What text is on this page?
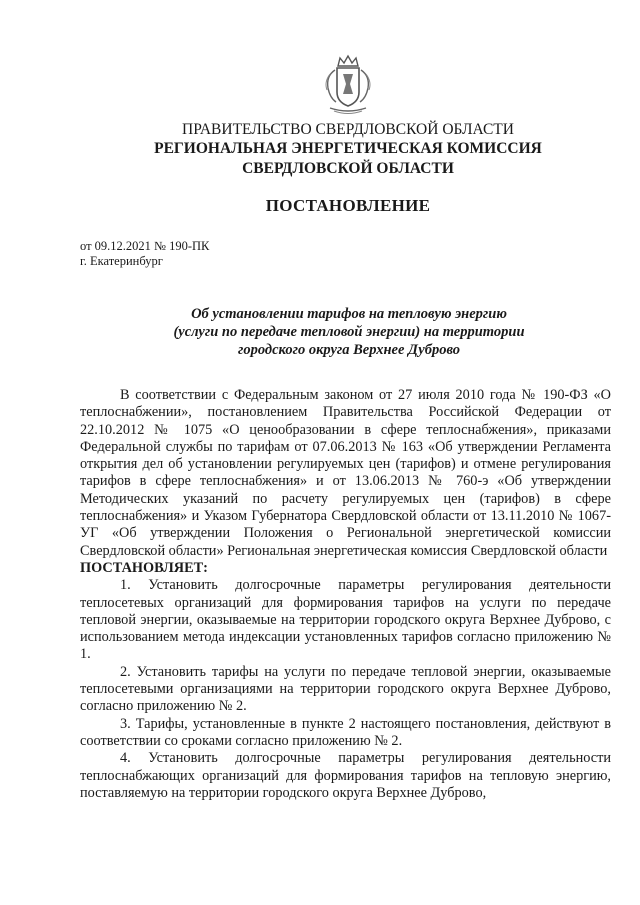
ПРАВИТЕЛЬСТВО СВЕРДЛОВСКОЙ ОБЛАСТИ
РЕГИОНАЛЬНАЯ ЭНЕРГЕТИЧЕСКАЯ КОМИССИЯ
СВЕРДЛОВСКОЙ ОБЛАСТИ
ПОСТАНОВЛЕНИЕ
от 09.12.2021 № 190-ПК
г. Екатеринбург
Об установлении тарифов на тепловую энергию
(услуги по передаче тепловой энергии) на территории
городского округа Верхнее Дуброво

В соответствии с Федеральным законом от 27 июля 2010 года № 190-ФЗ «О теплоснабжении», постановлением Правительства Российской Федерации от 22.10.2012 № 1075 «О ценообразовании в сфере теплоснабжения», приказами Федеральной службы по тарифам от 07.06.2013 № 163 «Об утверждении Регламента открытия дел об установлении регулируемых цен (тарифов) и отмене регулирования тарифов в сфере теплоснабжения» и от 13.06.2013 № 760-э «Об утверждении Методических указаний по расчету регулируемых цен (тарифов) в сфере теплоснабжения» и Указом Губернатора Свердловской области от 13.11.2010 № 1067-УГ «Об утверждении Положения о Региональной энергетической комиссии Свердловской области» Региональная энергетическая комиссия Свердловской области

ПОСТАНОВЛЯЕТ:

1. Установить долгосрочные параметры регулирования деятельности теплосетевых организаций для формирования тарифов на услуги по передаче тепловой энергии, оказываемые на территории городского округа Верхнее Дуброво, с использованием метода индексации установленных тарифов согласно приложению № 1.

2. Установить тарифы на услуги по передаче тепловой энергии, оказываемые теплосетевыми организациями на территории городского округа Верхнее Дуброво, согласно приложению № 2.

3. Тарифы, установленные в пункте 2 настоящего постановления, действуют в соответствии со сроками согласно приложению № 2.

4. Установить долгосрочные параметры регулирования деятельности теплоснабжающих организаций для формирования тарифов на тепловую энергию, поставляемую на территории городского округа Верхнее Дуброво,
